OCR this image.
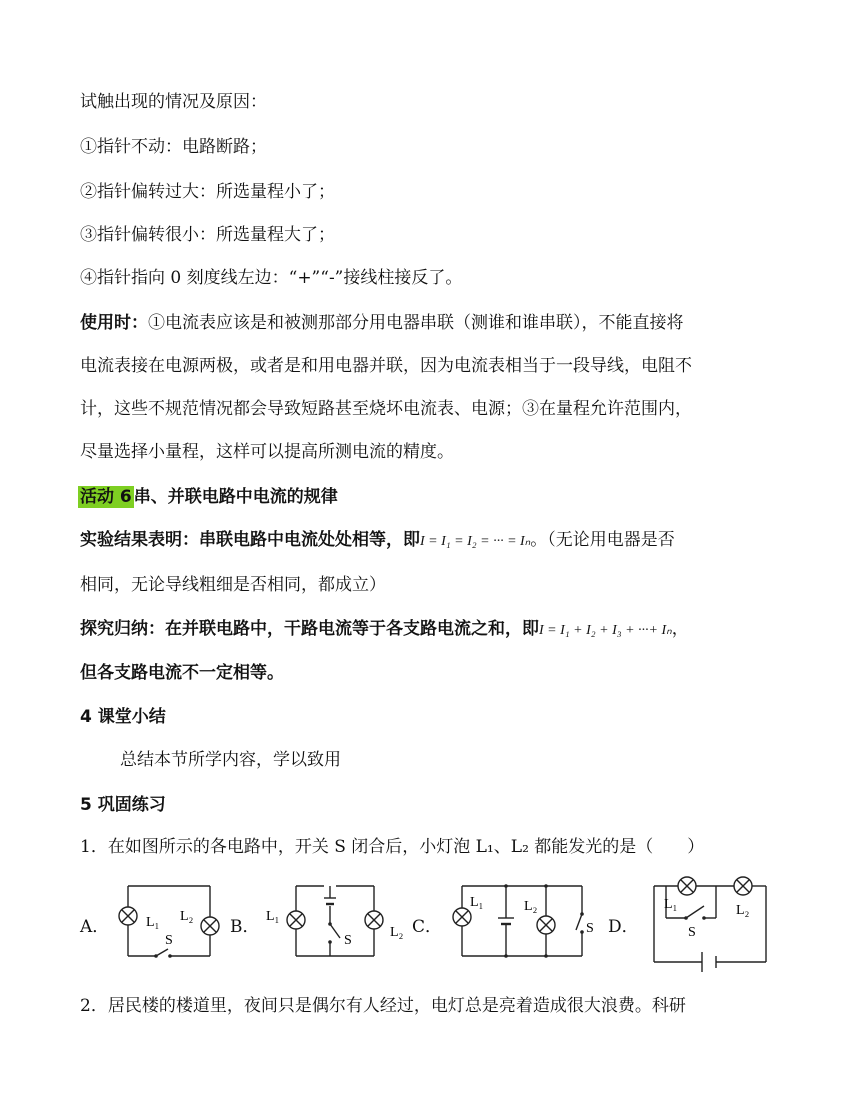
试触出现的情况及原因：
①指针不动：电路断路；
②指针偏转过大：所选量程小了；
③指针偏转很小：所选量程大了；
④指针指向 0 刻度线左边：“+”“-”接线柱接反了。
使用时：①电流表应该是和被测那部分用电器串联（测谁和谁串联），不能直接将
电流表接在电源两极，或者是和用电器并联，因为电流表相当于一段导线，电阻不
计，这些不规范情况都会导致短路甚至烧坏电流表、电源；③在量程允许范围内，
尽量选择小量程，这样可以提高所测电流的精度。
活动 6 串、并联电路中电流的规律
实验结果表明：串联电路中电流处处相等，即I = I₁ = I₂ = ··· = Iₙ。（无论用电器是否
相同，无论导线粗细是否相同，都成立）
探究归纳：在并联电路中，干路电流等于各支路电流之和，即I = I₁ + I₂ + I₃ + ···+ Iₙ，
但各支路电流不一定相等。
4 课堂小结
总结本节所学内容，学以致用
5 巩固练习
1．在如图所示的各电路中，开关 S 闭合后，小灯泡 L₁、L₂ 都能发光的是（　　）
A．	B．	C．	D．
L₁ L₂
S
L₁
L₂
S
L₁	L₂
S
L₁	L₂
S
2．居民楼的楼道里，夜间只是偶尔有人经过，电灯总是亮着造成很大浪费。科研
